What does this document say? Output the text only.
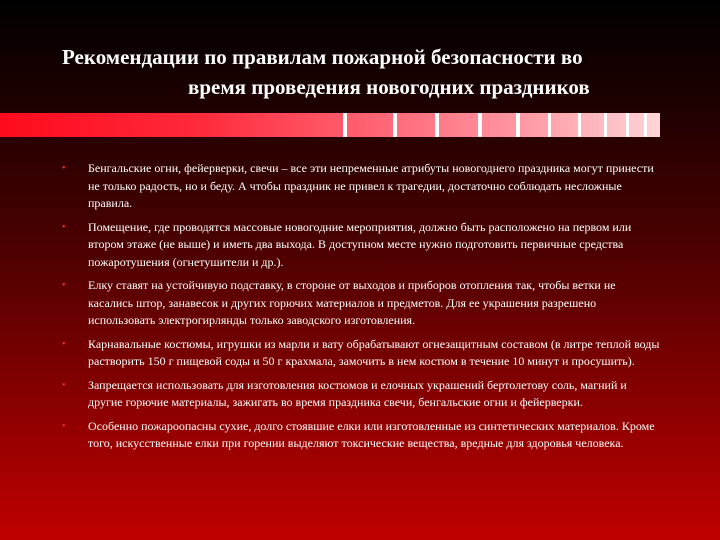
Рекомендации по правилам пожарной безопасности во
время проведения новогодних праздников
• Бенгальские огни, фейерверки, свечи – все эти непременные атрибуты новогоднего праздника могут принести не только радость, но и беду. А чтобы праздник не привел к трагедии, достаточно соблюдать несложные правила.
• Помещение, где проводятся массовые новогодние мероприятия, должно быть расположено на первом или втором этаже (не выше) и иметь два выхода. В доступном месте нужно подготовить первичные средства пожаротушения (огнетушители и др.).
• Елку ставят на устойчивую подставку, в стороне от выходов и приборов отопления так, чтобы ветки не касались штор, занавесок и других горючих материалов и предметов. Для ее украшения разрешено использовать электрогирлянды только заводского изготовления.
• Карнавальные костюмы, игрушки из марли и вату обрабатывают огнезащитным составом (в литре теплой воды растворить 150 г пищевой соды и 50 г крахмала, замочить в нем костюм в течение 10 минут и просушить).
• Запрещается использовать для изготовления костюмов и елочных украшений бертолетову соль, магний и другие горючие материалы, зажигать во время праздника свечи, бенгальские огни и фейерверки.
• Особенно пожароопасны сухие, долго стоявшие елки или изготовленные из синтетических материалов. Кроме того, искусственные елки при горении выделяют токсические вещества, вредные для здоровья человека.
